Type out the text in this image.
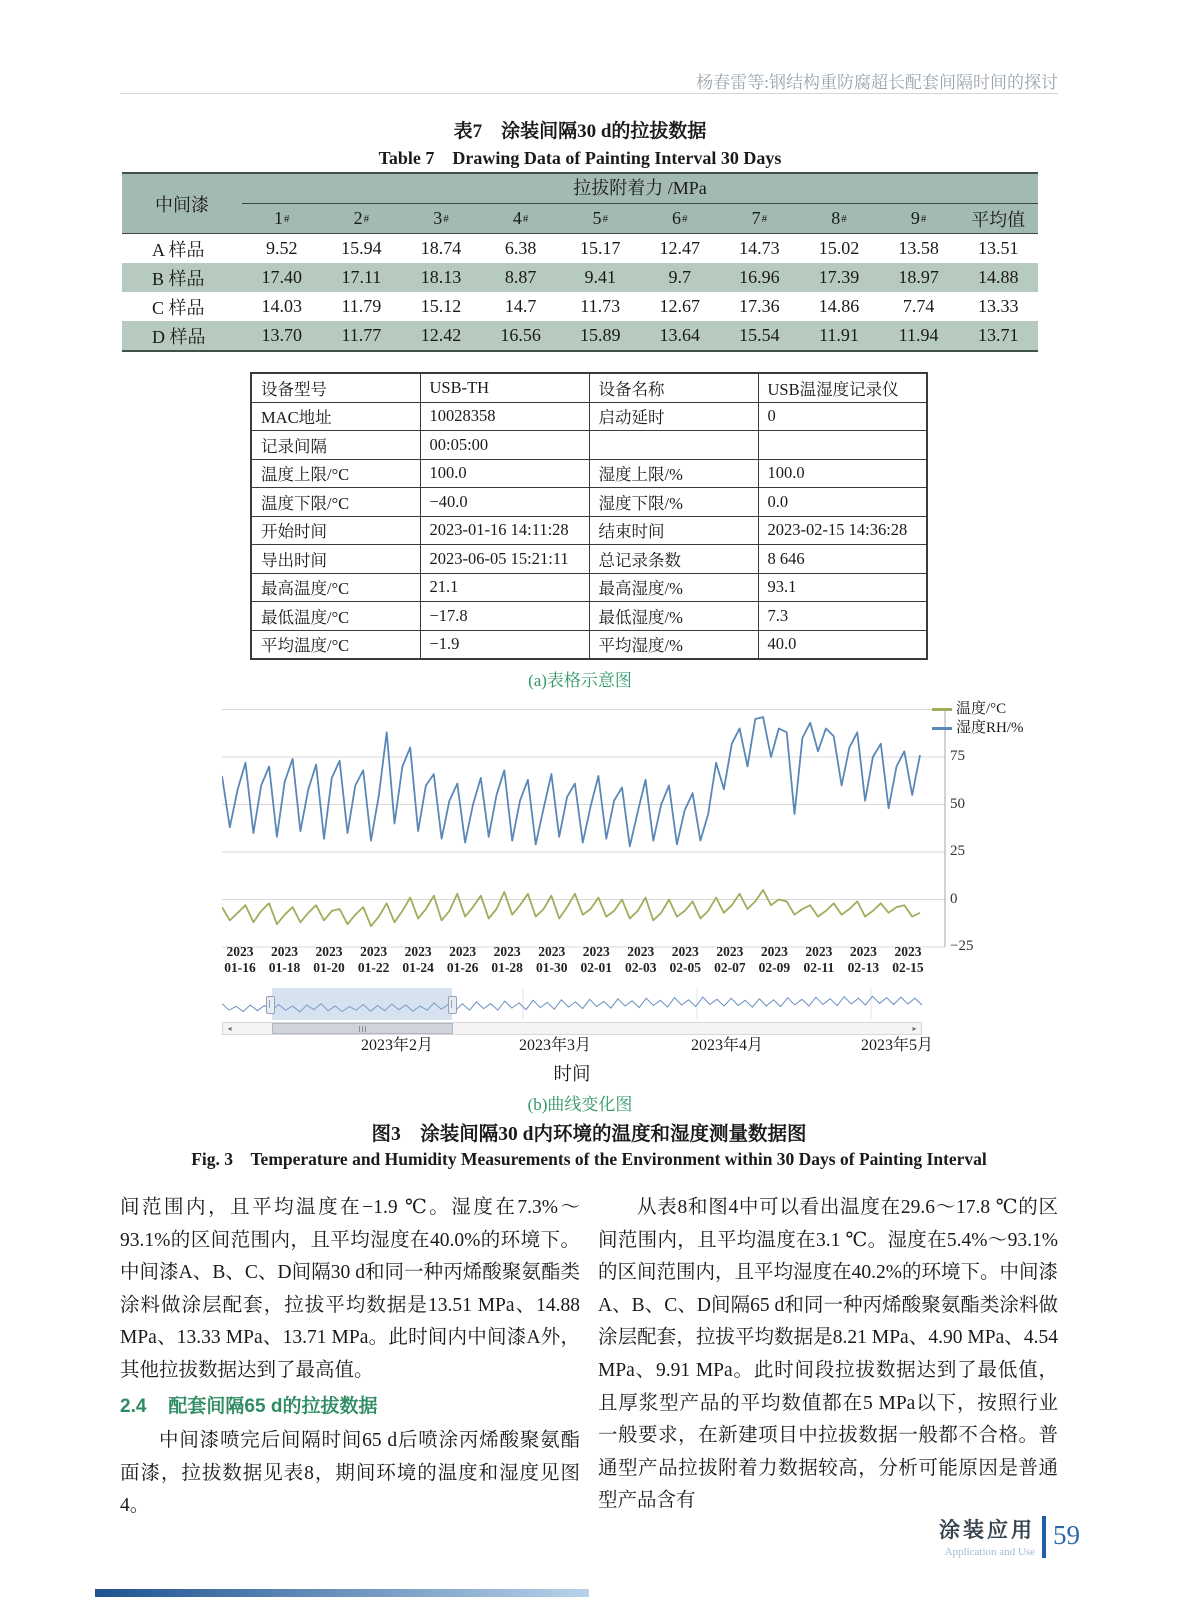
杨春雷等:钢结构重防腐超长配套间隔时间的探讨
表7　涂装间隔30 d的拉拔数据
Table 7　Drawing Data of Painting Interval 30 Days
中间漆
拉拔附着力 /MPa
1 #	2 #	3 #	4 #	5 #	6 #	7 #	8 #	9 #	平均值
A 样品	9.52	15.94	18.74	6.38	15.17	12.47	14.73	15.02	13.58	13.51
B 样品	17.40	17.11	18.13	8.87	9.41	9.7	16.96	17.39	18.97	14.88
C 样品	14.03	11.79	15.12	14.7	11.73	12.67	17.36	14.86	7.74	13.33
D 样品	13.70	11.77	12.42	16.56	15.89	13.64	15.54	11.91	11.94	13.71
设备型号	USB-TH	设备名称	USB温湿度记录仪
MAC地址	10028358	启动延时	0
记录间隔	00:05:00		
温度上限/°C	100.0	湿度上限/%	100.0
温度下限/°C	−40.0	湿度下限/%	0.0
开始时间	2023-01-16 14:11:28	结束时间	2023-02-15 14:36:28
导出时间	2023-06-05 15:21:11	总记录条数	8 646
最高温度/°C	21.1	最高湿度/%	93.1
最低温度/°C	−17.8	最低湿度/%	7.3
平均温度/°C	−1.9	平均湿度/%	40.0
(a)表格示意图
温度/°C
湿度RH/%
75
50
25
0
−25
2023
01-16
2023
01-18
2023
01-20
2023
01-22
2023
01-24
2023
01-26
2023
01-28
2023
01-30
2023
02-01
2023
02-03
2023
02-05
2023
02-07
2023
02-09
2023
02-11
2023
02-13
2023
02-15
◂	▸
2023年2月	2023年3月	2023年4月	2023年5月
时间
(b)曲线变化图
图3　涂装间隔30 d内环境的温度和湿度测量数据图
Fig. 3　Temperature and Humidity Measurements of the Environment within 30 Days of Painting Interval

间范围内，且平均温度在−1.9 ℃。湿度在7.3%～93.1%的区间范围内，且平均湿度在40.0%的环境下。中间漆A、B、C、D间隔30 d和同一种丙烯酸聚氨酯类涂料做涂层配套，拉拔平均数据是13.51 MPa、14.88 MPa、13.33 MPa、13.71 MPa。此时间内中间漆A外，其他拉拔数据达到了最高值。

2.4 配套间隔65 d的拉拔数据

中间漆喷完后间隔时间65 d后喷涂丙烯酸聚氨酯面漆，拉拔数据见表8，期间环境的温度和湿度见图4。

从表8和图4中可以看出温度在29.6～17.8 ℃的区间范围内，且平均温度在3.1 ℃。湿度在5.4%～93.1%的区间范围内，且平均湿度在40.2%的环境下。中间漆A、B、C、D间隔65 d和同一种丙烯酸聚氨酯类涂料做涂层配套，拉拔平均数据是8.21 MPa、4.90 MPa、4.54 MPa、9.91 MPa。此时间段拉拔数据达到了最低值，且厚浆型产品的平均数值都在5 MPa以下，按照行业一般要求，在新建项目中拉拔数据一般都不合格。普通型产品拉拔附着力数据较高，分析可能原因是普通型产品含有

涂装应用
Application and Use
59
